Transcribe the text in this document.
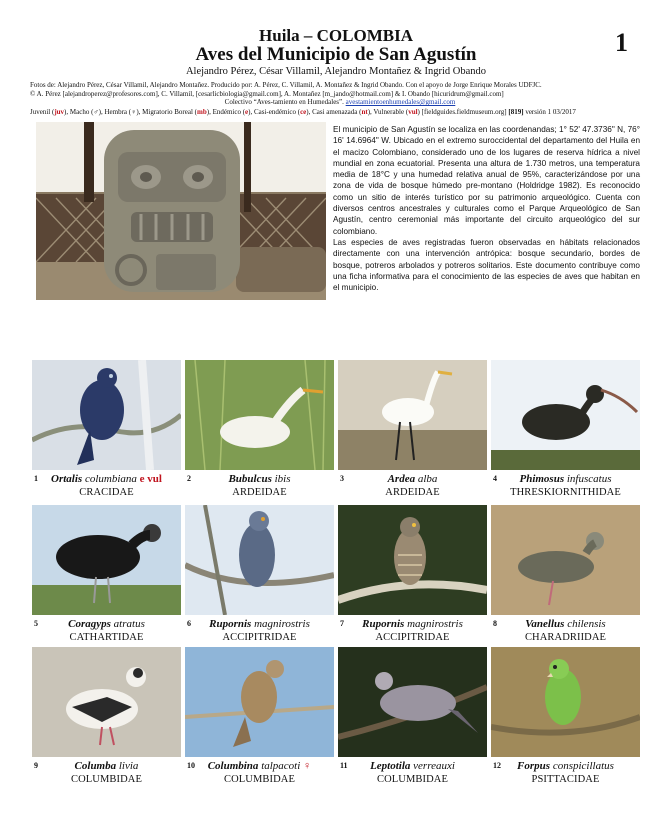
Huila – COLOMBIA
Aves del Municipio de San Agustín
Alejandro Pérez, César Villamil, Alejandro Montañez & Ingrid Obando
1
Fotos de: Alejandro Pérez, César Villamil, Alejandro Montañez. Producido por: A. Pérez, C. Villamil, A. Montañez & Ingrid Obando. Con el apoyo de Jorge Enrique Morales UDFJC.
© A. Pérez [alejandroperez@profesores.com], C. Villamil, [cesarlicbiologia@gmail.com], A. Montañez [m_jando@hotmail.com] & I. Obando [hicuridrum@gmail.com]
Colectivo “Aves-tamiento en Humedales”. avestamientoenhumedales@gmail.com
Juvenil (juv), Macho (♂), Hembra (♀), Migratorio Boreal (mb), Endémico (e), Casi-endémico (ce), Casi amenazada (nt), Vulnerable (vul) [fieldguides.fieldmuseum.org] [819] versión 1 03/2017

El municipio de San Agustín se localiza en las coordenandas; 1° 52' 47.3736" N, 76° 16' 14.6964" W. Ubicado en el extremo suroccidental del departamento del Huila en el macizo Colombiano, considerado uno de los lugares de reserva hídrica a nivel mundial en zona ecuatorial. Presenta una altura de 1.730 metros, una temperatura media de 18°C y una humedad relativa anual de 95%, caracterizándose por una zona de vida de bosque húmedo pre-montano (Holdridge 1982). Es reconocido como un sitio de interés turístico por su patrimonio arqueológico. Cuenta con diversos centros ancestrales y culturales como el Parque Arqueológico de San Agustín, centro ceremonial más importante del circuito arqueológico del sur colombiano.

Las especies de aves registradas fueron observadas en hábitats relacionados directamente con una intervención antrópica: bosque secundario, bordes de bosque, potreros arbolados y potreros solitarios. Este documento contribuye como una ficha informativa para el conocimiento de las especies de aves que habitan en el municipio.

1	Ortalis columbiana e vul
CRACIDAE
2	Bubulcus ibis
ARDEIDAE
3	Ardea alba
ARDEIDAE
4	Phimosus infuscatus
THRESKIORNITHIDAE
5	Coragyps atratus
CATHARTIDAE
6	Rupornis magnirostris
ACCIPITRIDAE
7	Rupornis magnirostris
ACCIPITRIDAE
8	Vanellus chilensis
CHARADRIIDAE
9	Columba livia
COLUMBIDAE
10	Columbina talpacoti ♀
COLUMBIDAE
11	Leptotila verreauxi
COLUMBIDAE
12	Forpus conspicillatus
PSITTACIDAE
